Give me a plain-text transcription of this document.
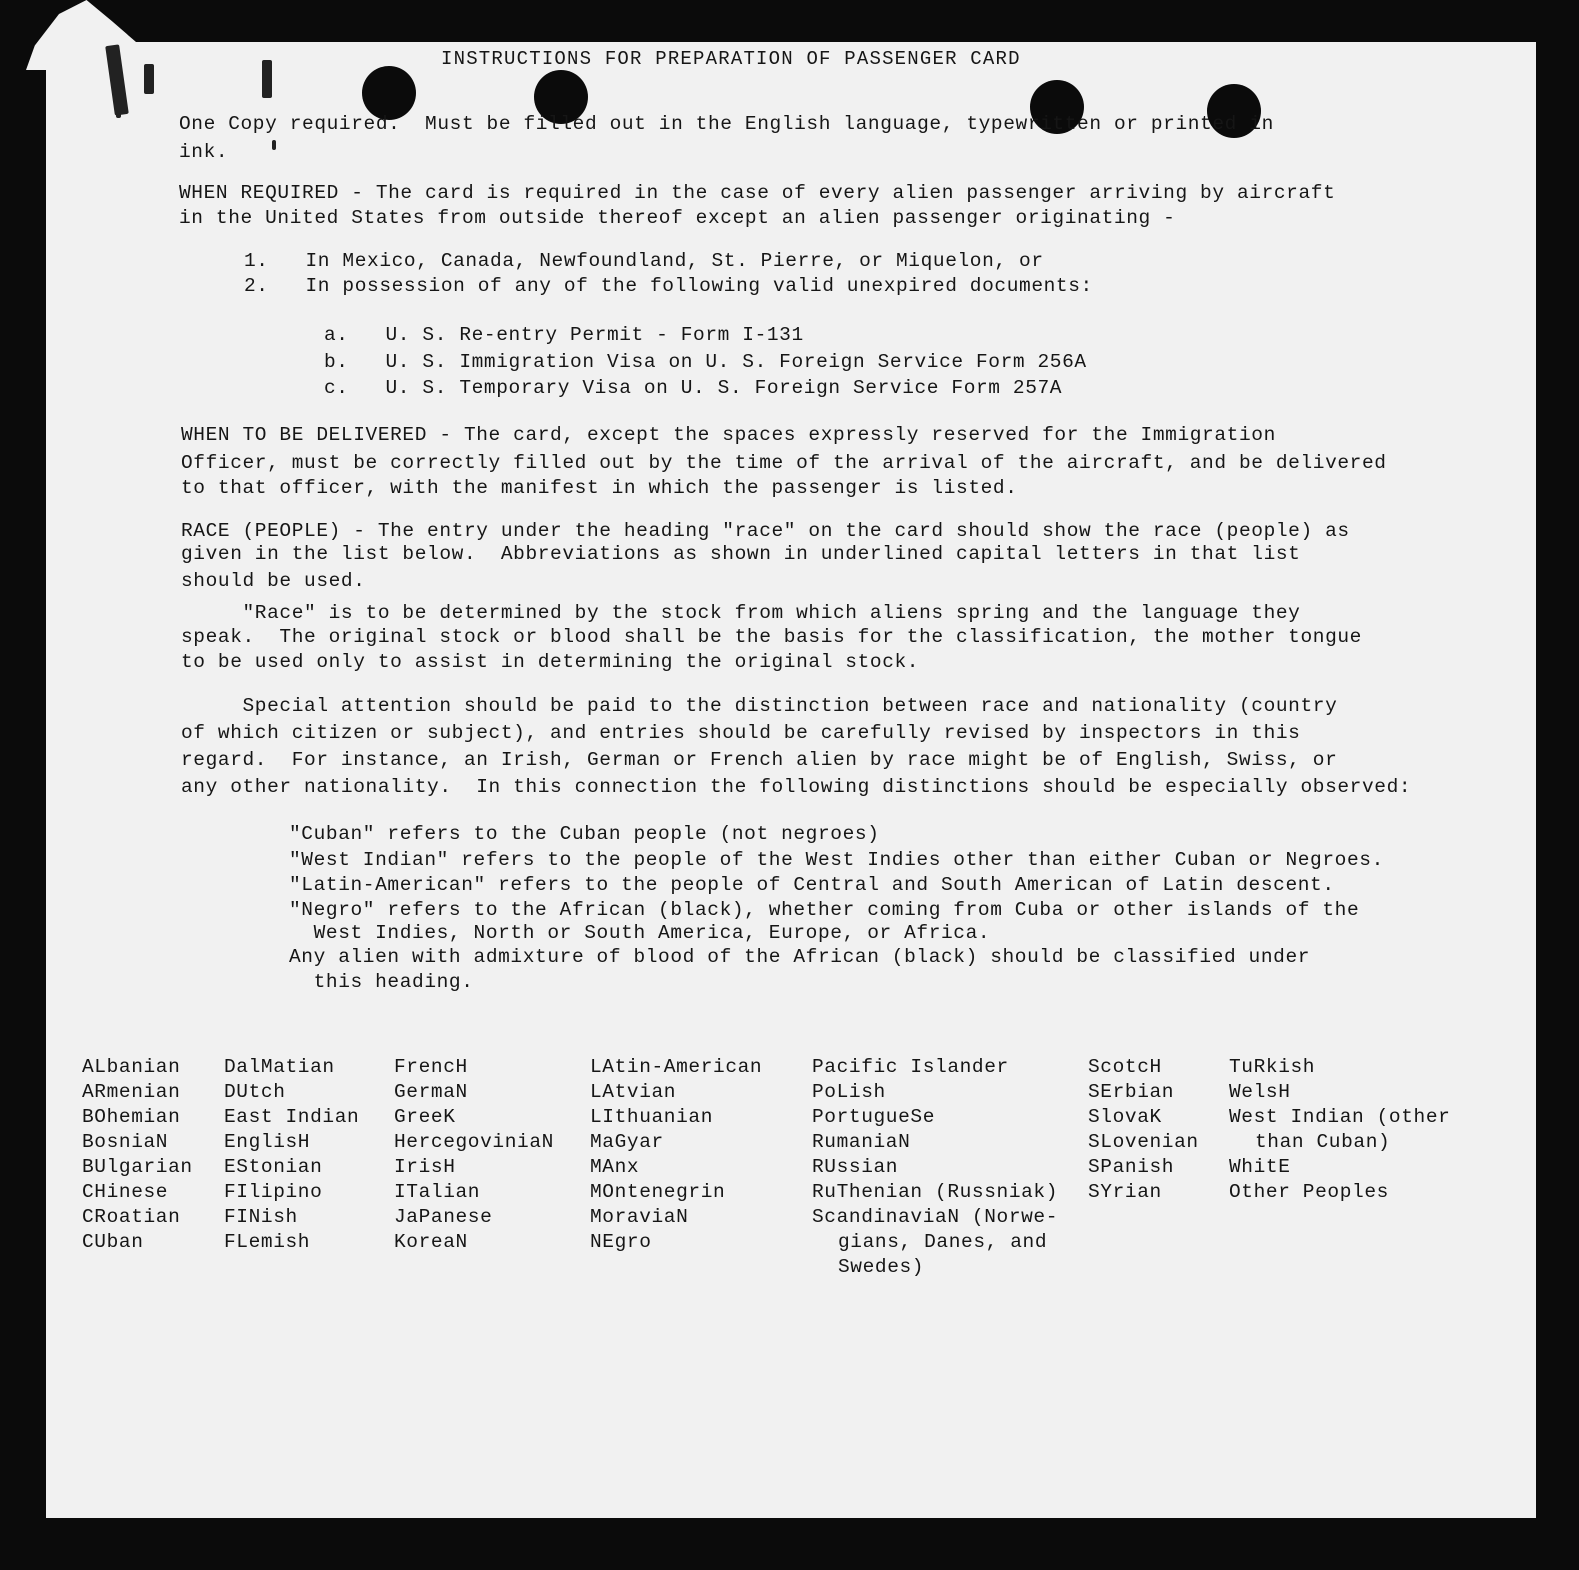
INSTRUCTIONS FOR PREPARATION OF PASSENGER CARD
One Copy required.  Must be filled out in the English language, typewritten or printed in
ink.
WHEN REQUIRED - The card is required in the case of every alien passenger arriving by aircraft
in the United States from outside thereof except an alien passenger originating -
1.   In Mexico, Canada, Newfoundland, St. Pierre, or Miquelon, or
2.   In possession of any of the following valid unexpired documents:
a.   U. S. Re-entry Permit - Form I-131
b.   U. S. Immigration Visa on U. S. Foreign Service Form 256A
c.   U. S. Temporary Visa on U. S. Foreign Service Form 257A
WHEN TO BE DELIVERED - The card, except the spaces expressly reserved for the Immigration
Officer, must be correctly filled out by the time of the arrival of the aircraft, and be delivered
to that officer, with the manifest in which the passenger is listed.
RACE (PEOPLE) - The entry under the heading "race" on the card should show the race (people) as
given in the list below.  Abbreviations as shown in underlined capital letters in that list
should be used.
"Race" is to be determined by the stock from which aliens spring and the language they
speak.  The original stock or blood shall be the basis for the classification, the mother tongue
to be used only to assist in determining the original stock.
Special attention should be paid to the distinction between race and nationality (country
of which citizen or subject), and entries should be carefully revised by inspectors in this
regard.  For instance, an Irish, German or French alien by race might be of English, Swiss, or
any other nationality.  In this connection the following distinctions should be especially observed:
"Cuban" refers to the Cuban people (not negroes)
"West Indian" refers to the people of the West Indies other than either Cuban or Negroes.
"Latin-American" refers to the people of Central and South American of Latin descent.
"Negro" refers to the African (black), whether coming from Cuba or other islands of the
West Indies, North or South America, Europe, or Africa.
Any alien with admixture of blood of the African (black) should be classified under
this heading.
ALbanian
ARmenian
BOhemian
BosniaN
BUlgarian
CHinese
CRoatian
CUban
DalMatian
DUtch
East Indian
EnglisH
EStonian
FIlipino
FINish
FLemish
FrencH
GermaN
GreeK
HercegoviniaN
IrisH
ITalian
JaPanese
KoreaN
LAtin-American
LAtvian
LIthuanian
MaGyar
MAnx
MOntenegrin
MoraviaN
NEgro
Pacific Islander
PoLish
PortugueSe
RumaniaN
RUssian
RuThenian (Russniak)
ScandinaviaN (Norwe-
gians, Danes, and
Swedes)
ScotcH
SErbian
SlovaK
SLovenian
SPanish
SYrian
TuRkish
WelsH
West Indian (other
than Cuban)
WhitE
Other Peoples
